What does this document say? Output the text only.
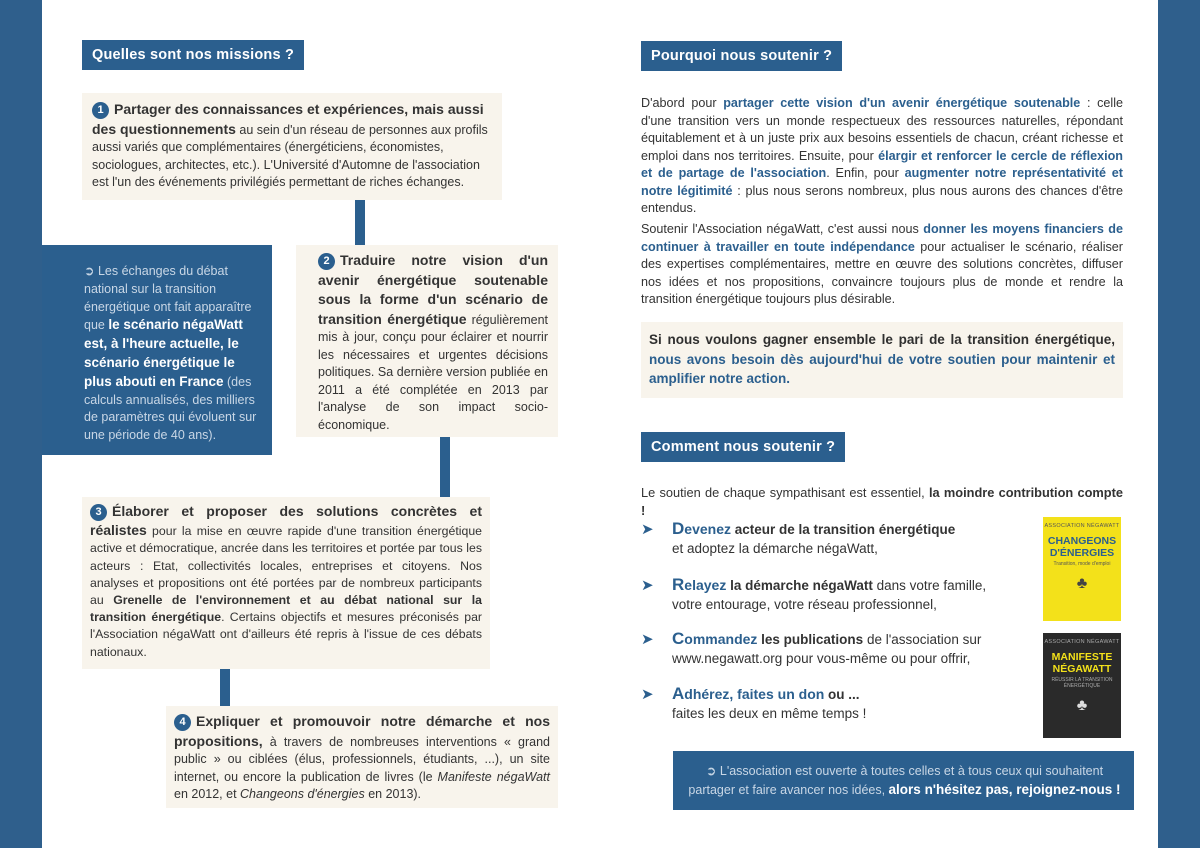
Quelles sont nos missions ?
1 Partager des connaissances et expériences, mais aussi des questionnements au sein d'un réseau de personnes aux profils aussi variés que complémentaires (énergéticiens, économistes, sociologues, architectes, etc.). L'Université d'Automne de l'association est l'un des événements privilégiés permettant de riches échanges.
➲ Les échanges du débat national sur la transition énergétique ont fait apparaître que le scénario négaWatt est, à l'heure actuelle, le scénario énergétique le plus abouti en France (des calculs annualisés, des milliers de paramètres qui évoluent sur une période de 40 ans).
2 Traduire notre vision d'un avenir énergétique soutenable sous la forme d'un scénario de transition énergétique régulièrement mis à jour, conçu pour éclairer et nourrir les nécessaires et urgentes décisions politiques. Sa dernière version publiée en 2011 a été complétée en 2013 par l'analyse de son impact socio-économique.
3 Élaborer et proposer des solutions concrètes et réalistes pour la mise en œuvre rapide d'une transition énergétique active et démocratique, ancrée dans les territoires et portée par tous les acteurs : Etat, collectivités locales, entreprises et citoyens. Nos analyses et propositions ont été portées par de nombreux participants au Grenelle de l'environnement et au débat national sur la transition énergétique. Certains objectifs et mesures préconisés par l'Association négaWatt ont d'ailleurs été repris à l'issue de ces débats nationaux.
4 Expliquer et promouvoir notre démarche et nos propositions, à travers de nombreuses interventions « grand public » ou ciblées (élus, professionnels, étudiants, ...), un site internet, ou encore la publication de livres (le Manifeste négaWatt en 2012, et Changeons d'énergies en 2013).
Pourquoi nous soutenir ?
D'abord pour partager cette vision d'un avenir énergétique soutenable : celle d'une transition vers un monde respectueux des ressources naturelles, répondant équitablement et à un juste prix aux besoins essentiels de chacun, créant richesse et emploi dans nos territoires. Ensuite, pour élargir et renforcer le cercle de réflexion et de partage de l'association. Enfin, pour augmenter notre représentativité et notre légitimité : plus nous serons nombreux, plus nous aurons des chances d'être entendus.
Soutenir l'Association négaWatt, c'est aussi nous donner les moyens financiers de continuer à travailler en toute indépendance pour actualiser le scénario, réaliser des expertises complémentaires, mettre en œuvre des solutions concrètes, diffuser nos idées et nos propositions, convaincre toujours plus de monde et rendre la transition énergétique toujours plus désirable.
Si nous voulons gagner ensemble le pari de la transition énergétique, nous avons besoin dès aujourd'hui de votre soutien pour maintenir et amplifier notre action.
Comment nous soutenir ?
Le soutien de chaque sympathisant est essentiel, la moindre contribution compte !
➤ Devenez acteur de la transition énergétique
et adoptez la démarche négaWatt,
➤ Relayez la démarche négaWatt dans votre famille,
votre entourage, votre réseau professionnel,
➤ Commandez les publications de l'association sur
www.negawatt.org pour vous-même ou pour offrir,
➤ Adhérez, faites un don ou ...
faites les deux en même temps !
ASSOCIATION NÉGAWATT
CHANGEONS D'ÉNERGIES
Transition, mode d'emploi
♣
ASSOCIATION NÉGAWATT
MANIFESTE NÉGAWATT
RÉUSSIR LA TRANSITION ÉNERGÉTIQUE
♣
➲ L'association est ouverte à toutes celles et à tous ceux qui souhaitent partager et faire avancer nos idées, alors n'hésitez pas, rejoignez-nous !
